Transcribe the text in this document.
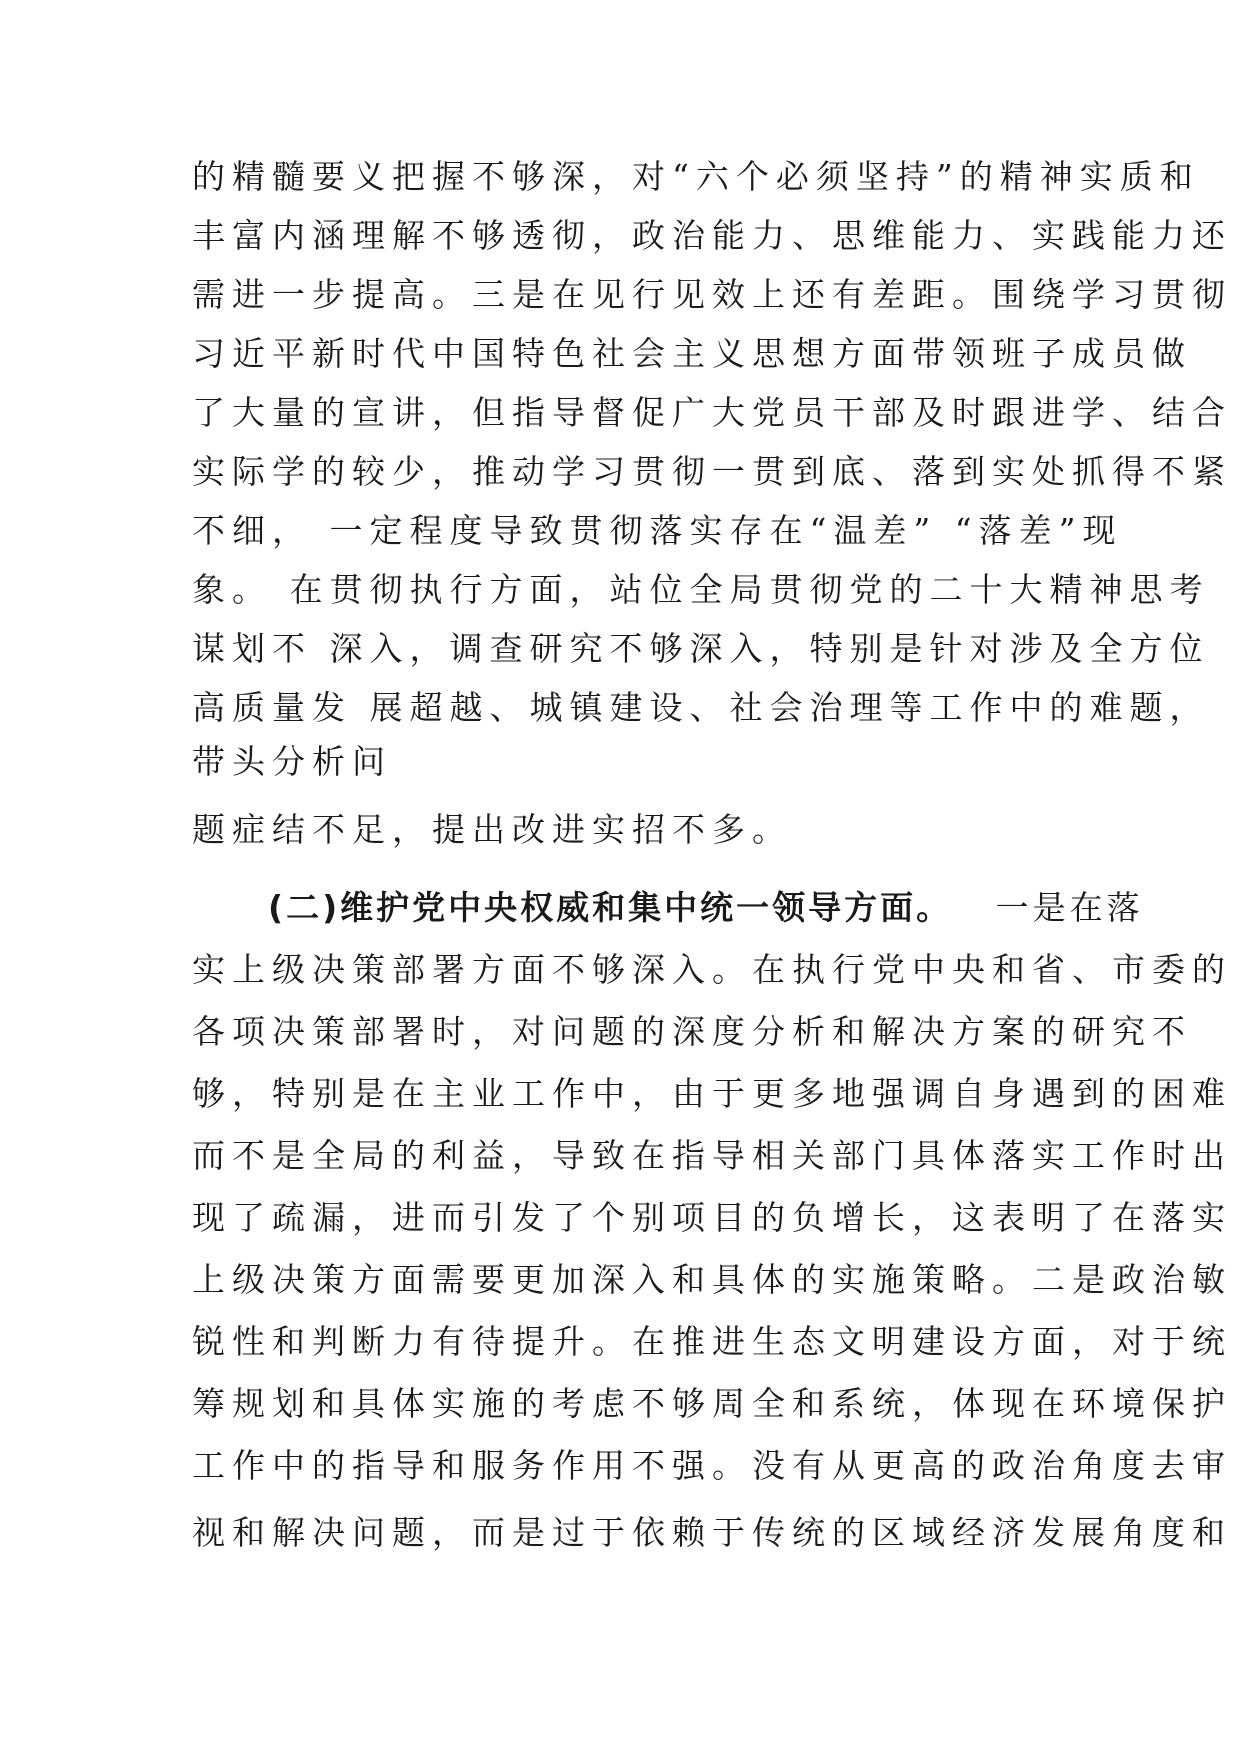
的精髓要义把握不够深，对“六个必须坚持”的精神实质和
丰富内涵理解不够透彻，政治能力、思维能力、实践能力还
需进一步提高。三是在见行见效上还有差距。围绕学习贯彻
习近平新时代中国特色社会主义思想方面带领班子成员做
了大量的宣讲，但指导督促广大党员干部及时跟进学、结合
实际学的较少，推动学习贯彻一贯到底、落到实处抓得不紧
不细， 一定程度导致贯彻落实存在“温差” “落差”现
象。 在贯彻执行方面，站位全局贯彻党的二十大精神思考
谋划不 深入，调查研究不够深入，特别是针对涉及全方位
高质量发 展超越、城镇建设、社会治理等工作中的难题，
带头分析问
题症结不足，提出改进实招不多。
(二)维护党中央权威和集中统一领导方面。 一是在落
实上级决策部署方面不够深入。在执行党中央和省、市委的
各项决策部署时，对问题的深度分析和解决方案的研究不
够，特别是在主业工作中，由于更多地强调自身遇到的困难
而不是全局的利益，导致在指导相关部门具体落实工作时出
现了疏漏，进而引发了个别项目的负增长，这表明了在落实
上级决策方面需要更加深入和具体的实施策略。二是政治敏
锐性和判断力有待提升。在推进生态文明建设方面，对于统
筹规划和具体实施的考虑不够周全和系统，体现在环境保护
工作中的指导和服务作用不强。没有从更高的政治角度去审
视和解决问题，而是过于依赖于传统的区域经济发展角度和
